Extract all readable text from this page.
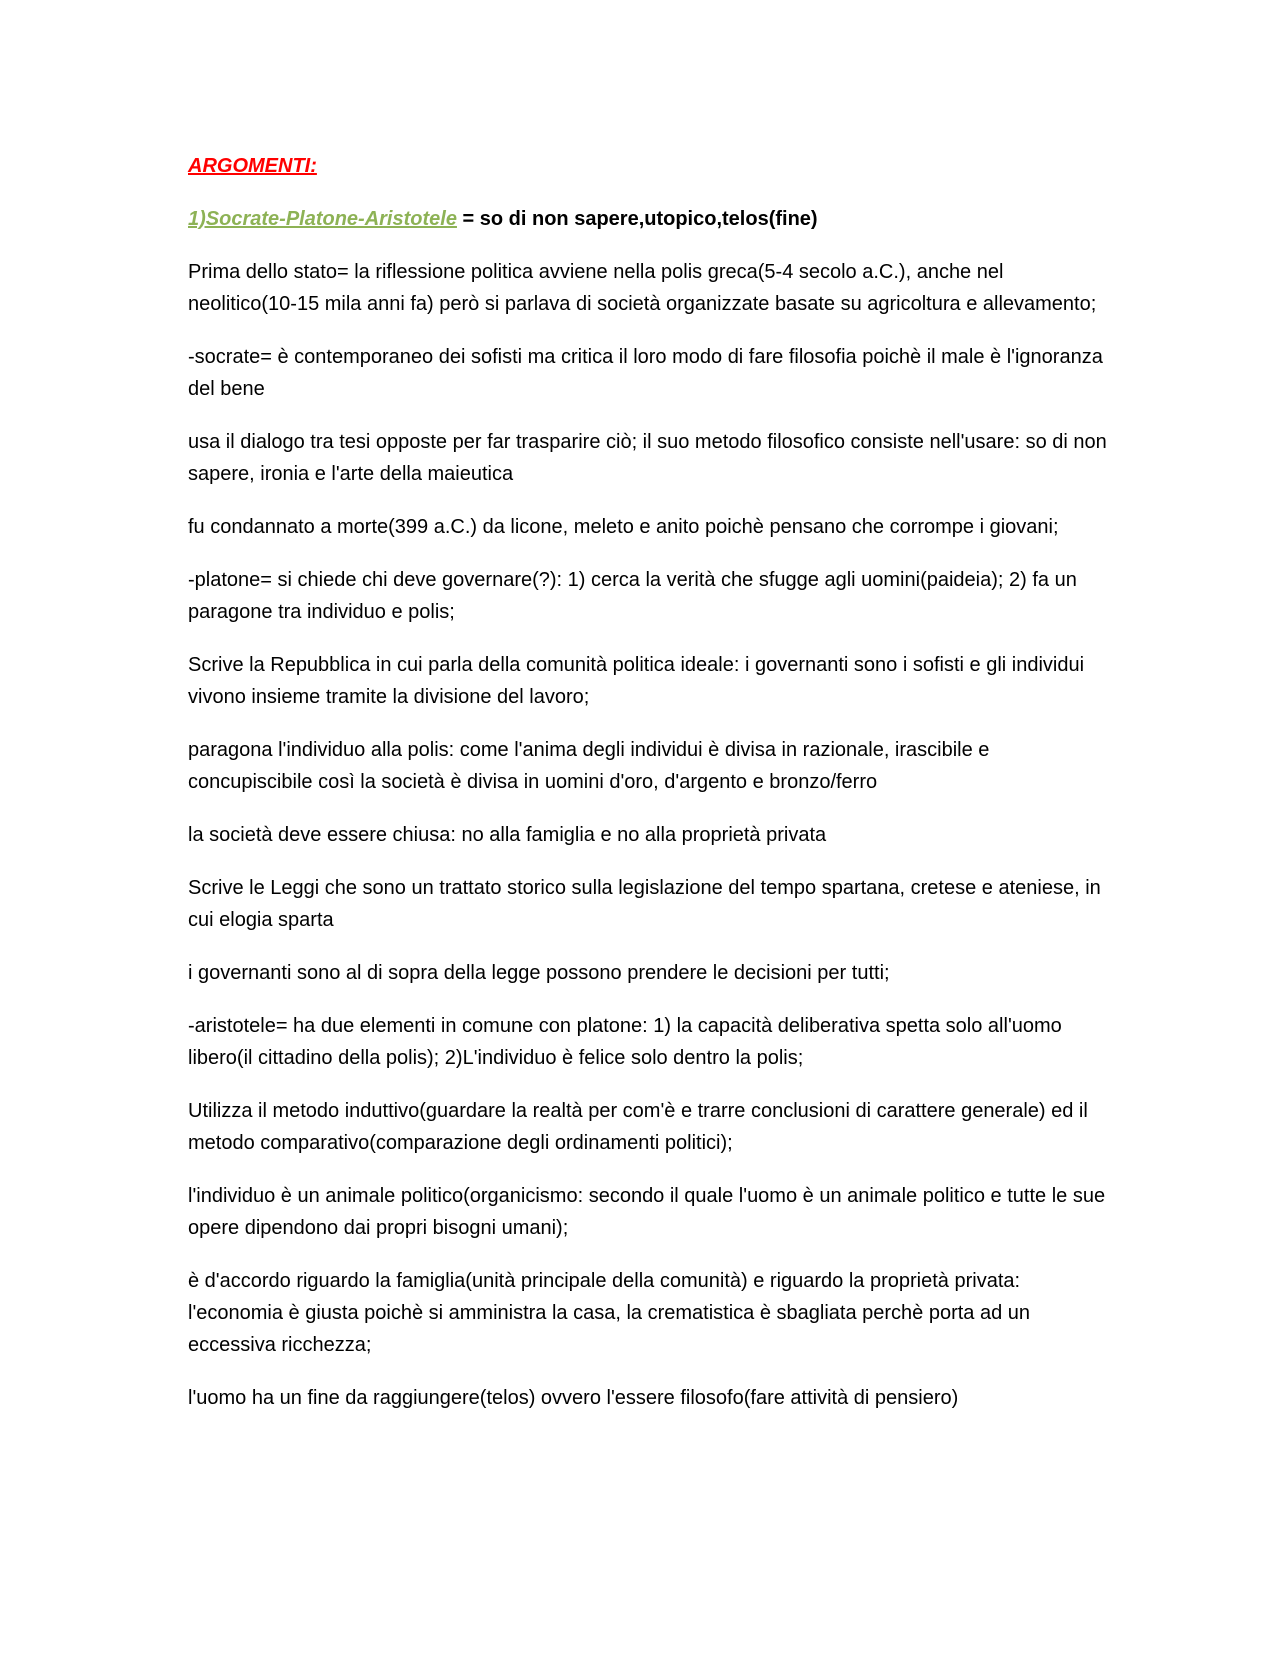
ARGOMENTI:

1)Socrate-Platone-Aristotele = so di non sapere,utopico,telos(fine)

Prima dello stato= la riflessione politica avviene nella polis greca(5-4 secolo a.C.), anche nel neolitico(10-15 mila anni fa) però si parlava di società organizzate basate su agricoltura e allevamento;

-socrate= è contemporaneo dei sofisti ma critica il loro modo di fare filosofia poichè il male è l'ignoranza del bene

usa il dialogo tra tesi opposte per far trasparire ciò; il suo metodo filosofico consiste nell'usare: so di non sapere, ironia e l'arte della maieutica

fu condannato a morte(399 a.C.) da licone, meleto e anito poichè pensano che corrompe i giovani;

-platone= si chiede chi deve governare(?): 1) cerca la verità che sfugge agli uomini(paideia); 2) fa un paragone tra individuo e polis;

Scrive la Repubblica in cui parla della comunità politica ideale: i governanti sono i sofisti e gli individui vivono insieme tramite la divisione del lavoro;

paragona l'individuo alla polis: come l'anima degli individui è divisa in razionale, irascibile e concupiscibile così la società è divisa in uomini d'oro, d'argento e bronzo/ferro

la società deve essere chiusa: no alla famiglia e no alla proprietà privata

Scrive le Leggi che sono un trattato storico sulla legislazione del tempo spartana, cretese e ateniese, in cui elogia sparta

i governanti sono al di sopra della legge possono prendere le decisioni per tutti;

-aristotele= ha due elementi in comune con platone: 1) la capacità deliberativa spetta solo all'uomo libero(il cittadino della polis); 2)L'individuo è felice solo dentro la polis;

Utilizza il metodo induttivo(guardare la realtà per com'è e trarre conclusioni di carattere generale) ed il metodo comparativo(comparazione degli ordinamenti politici);

l'individuo è un animale politico(organicismo: secondo il quale l'uomo è un animale politico e tutte le sue opere dipendono dai propri bisogni umani);

è d'accordo riguardo la famiglia(unità principale della comunità) e riguardo la proprietà privata: l'economia è giusta poichè si amministra la casa, la crematistica è sbagliata perchè porta ad un eccessiva ricchezza;

l'uomo ha un fine da raggiungere(telos) ovvero l'essere filosofo(fare attività di pensiero)
